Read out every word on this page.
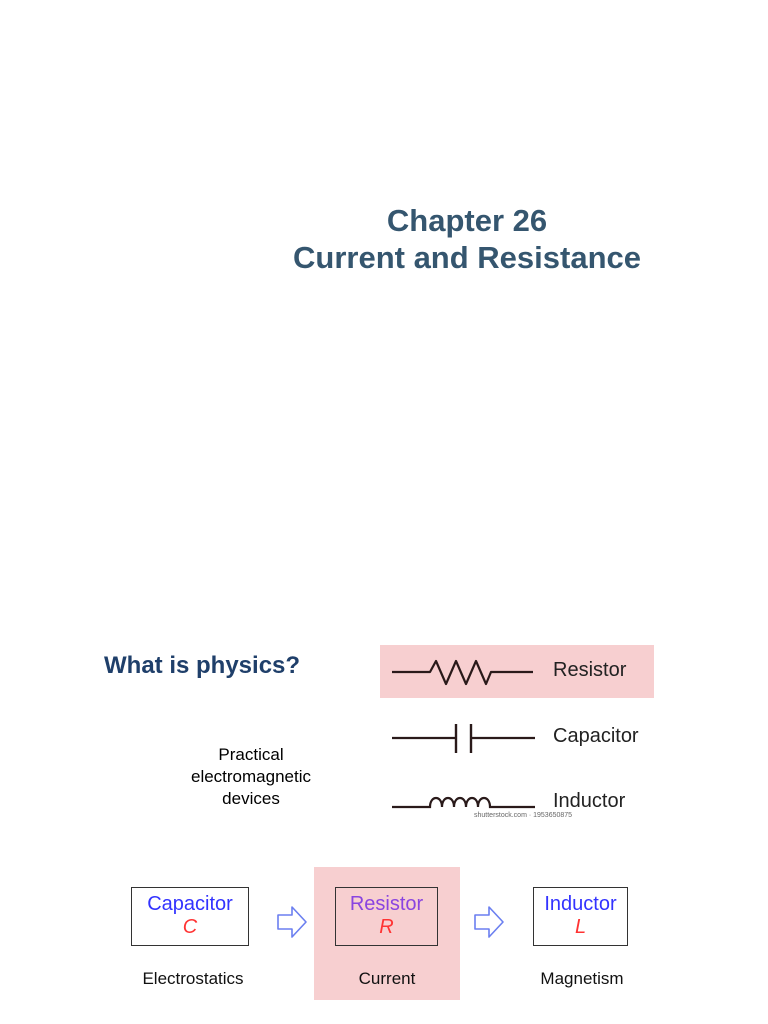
Chapter 26
Current and Resistance
What is physics?
Practical electromagnetic devices
Resistor
Capacitor
Inductor
shutterstock.com · 1953650875
Capacitor
C
Resistor
R
Inductor
L
Electrostatics	Current	Magnetism
